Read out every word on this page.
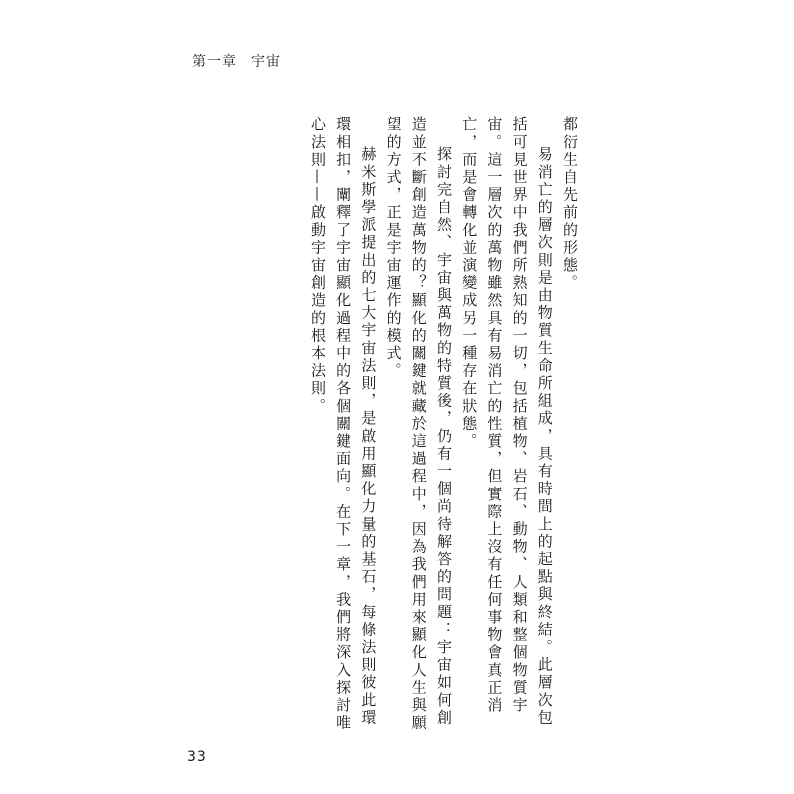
第一章 宇宙

都衍生自先前的形態。

易消亡的層次則是由物質生命所組成，具有時間上的起點與終結。此層次包括可見世界中我們所熟知的一切，包括植物、岩石、動物、人類和整個物質宇宙。這一層次的萬物雖然具有易消亡的性質，但實際上沒有任何事物會真正消亡，而是會轉化並演變成另一種存在狀態。

探討完自然、宇宙與萬物的特質後，仍有一個尚待解答的問題：宇宙如何創造並不斷創造萬物的？顯化的關鍵就藏於這過程中，因為我們用來顯化人生與願望的方式，正是宇宙運作的模式。

赫米斯學派提出的七大宇宙法則，是啟用顯化力量的基石，每條法則彼此環環相扣，闡釋了宇宙顯化過程中的各個關鍵面向。在下一章，我們將深入探討唯心法則——啟動宇宙創造的根本法則。

33
